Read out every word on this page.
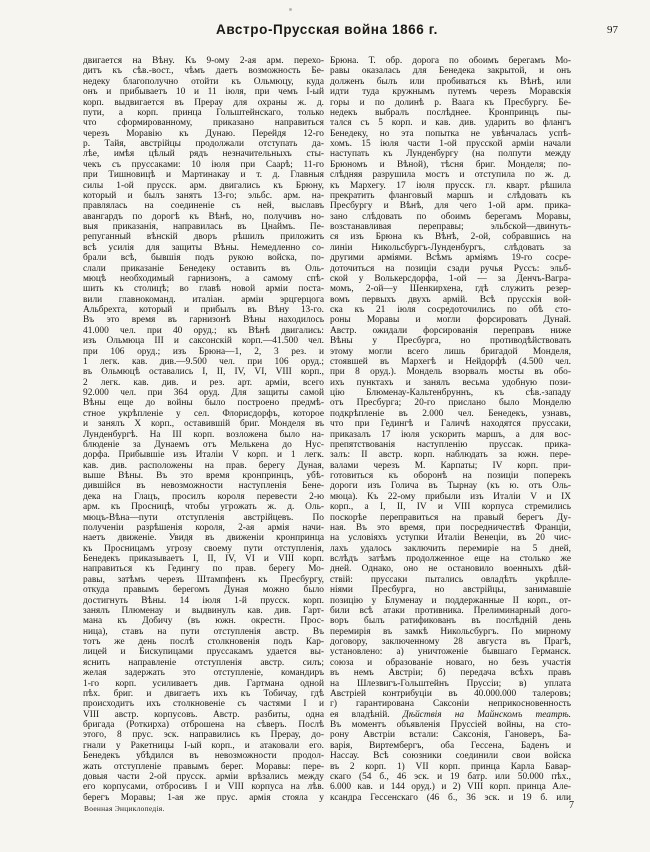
Австро-Прусская война 1866 г.	97
двигается на Вѣну. Къ 9-ому 2-ая арм. перехо-
дитъ къ сѣв.-вост., чѣмъ даетъ возможность Бе-
недеку благополучно отойти къ Ольмюцу, куда
онъ и прибываетъ 10 и 11 іюля, при чемъ I-ый
корп. выдвигается въ Прерау для охраны ж. д.
пути, а корп. принца Гольштейнскаго, только
что сформированному, приказано направиться
черезъ Моравію къ Дунаю. Перейдя 12-го
р. Тайя, австрійцы продолжали отступать да-
лѣе, имѣя цѣлый рядъ незначительныхъ сты-
чекъ съ пруссаками: 10 іюля при Саарѣ; 11-го
при Тишновицѣ и Мартинакау и т. д. Главныя
силы 1-ой прусск. арм. двигались къ Брюну,
который и былъ занятъ 13-го; эльбс. арм. на-
правлялась на соединеніе съ ней, выславъ
авангардъ по дорогѣ къ Вѣнѣ, но, получивъ но-
выя приказанія, направилась въ Цнаймъ. Пе-
репуганный вѣнскій дворъ рѣшилъ приложить
всѣ усилія для защиты Вѣны. Немедленно со-
брали всѣ, бывшія подъ рукою войска, по-
слали приказаніе Бенедеку оставить въ Оль-
мюцѣ необходимый гарнизонъ, а самому спѣ-
шить къ столицѣ; во главѣ новой арміи поста-
вили главнокоманд. италіан. арміи эрцгерцога
Альбрехта, который и прибылъ въ Вѣну 13-го.
Въ это время въ гарнизонѣ Вѣны находилось
41.000 чел. при 40 оруд.; къ Вѣнѣ двигались:
изъ Ольмюца III и саксонскій корп.—41.500 чел.
при 106 оруд.; изъ Брюна—1, 2, 3 рез. и
1 легк. кав. див.—9.500 чел. при 106 оруд.;
въ Ольмюцѣ оставались I, II, IV, VI, VIII корп.,
2 легк. кав. див. и рез. арт. арміи, всего
92.000 чел. при 364 оруд. Для защиты самой
Вѣны еще до войны было построено предмѣ-
стное укрѣпленіе у сел. Флорисдорфъ, которое
и занялъ X корп., оставившій бриг. Монделя въ
Лунденбургѣ. На III корп. возложена было на-
блюденіе за Дунаемъ отъ Мелькена до Нус-
дорфа. Прибывшіе изъ Италіи V корп. и 1 легк.
кав. див. расположены на прав. берегу Дуная,
выше Вѣны. Въ это время кронпринцъ, убѣ-
дившійся въ невозможности наступленія Бене-
дека на Глацъ, просилъ короля перевести 2-ю
арм. къ Просницѣ, чтобы угрожать ж. д. Оль-
мюцъ-Вѣна—пути отступленія австрійцевъ. По
полученіи разрѣшенія короля, 2-ая армія начи-
наетъ движеніе. Увидя въ движеніи кронпринца
къ Просницамъ угрозу своему пути отступленія,
Бенедекъ приказываетъ I, II, IV, VI и VIII корп.
направиться къ Гедингу по прав. берегу Мо-
равы, затѣмъ черезъ Штампфенъ къ Пресбургу,
откуда правымъ берегомъ Дуная можно было
достигнуть Вѣны. 14 іюля 1-й прусск. корп.
занялъ Плюменау и выдвинулъ кав. див. Гарт-
мана къ Добичу (въ южн. окрестн. Прос-
ница), ставъ на пути отступленія австр. Въ
тотъ же день послѣ столкновенія подъ Кар-
лицей и Бискупицами пруссакамъ удается вы-
яснить направленіе отступленія австр. силъ;
желая задержать это отступленіе, командиръ
1-го корп. усиливаетъ див. Гартмана одной
пѣх. бриг. и двигаетъ ихъ къ Тобичау, гдѣ
происходитъ ихъ столкновеніе съ частями I и
VIII австр. корпусовъ. Австр. разбиты, одна
бригада (Роткирха) отброшена на сѣверъ. Послѣ
этого, 8 прус. эск. направились къ Прерау, до-
гнали у Ракетницы I-ый корп., и атаковали его.
Бенедекъ убѣдился въ невозможности продол-
жать отступленіе правымъ берег. Моравы: пере-
довыя части 2-ой прусск. арміи врѣзались между
его корпусами, отбросивъ I и VIII корпуса на лѣв.
берегъ Моравы; 1-ая же прус. армія стояла у
Брюна. Т. обр. дорога по обоимъ берегамъ Мо-
равы оказалась для Бенедека закрытой, и онъ
долженъ былъ или пробиваться къ Вѣнѣ, или
идти туда кружнымъ путемъ черезъ Моравскія
горы и по долинѣ р. Ваага къ Пресбургу. Бе-
недекъ выбралъ послѣднее. Кронпринцъ пы-
тался съ 5 корп. и кав. див. ударить во флангъ
Бенедеку, но эта попытка не увѣнчалась успѣ-
хомъ. 15 іюля части 1-ой прусской арміи начали
наступать къ Лунденбургу (на полпути между
Брюномъ и Вѣной), тѣсня бриг. Монделя; по-
слѣдняя разрушила мостъ и отступила по ж. д.
къ Мархегу. 17 іюля прусск. гл. кварт. рѣшила
прекратить фланговый маршъ и слѣдовать къ
Пресбургу и Вѣнѣ, для чего 1-ой арм. прика-
зано слѣдовать по обоимъ берегамъ Моравы,
возстанавливая переправы; эльбской—двинуть-
ся изъ Брюна къ Вѣнѣ, 2-ой, собравшись на
линіи Никольсбургъ-Лунденбургъ, слѣдовать за
другими арміями. Всѣмъ арміямъ 19-го сосре-
доточиться на позиціи сзади ручья Руссъ: эльб-
ской у Волькерсдорфа, 1-ой — за Денчъ-Вагра-
момъ, 2-ой—у Шенкирхена, гдѣ служить резер-
вомъ первыхъ двухъ армій. Всѣ прусскія вой-
ска къ 21 іюля сосредоточились по обѣ сто-
роны Моравы и могли форсировать Дунай.
Австр. ожидали форсированія переправъ ниже
Вѣны у Пресбурга, но противодѣйствовать
этому могли всего лишь бригадой Монделя,
стоявшей въ Мархегѣ и Нейдорфѣ (4.500 чел.
при 8 оруд.). Мондель взорвалъ мосты въ обо-
ихъ пунктахъ и занялъ весьма удобную пози-
цію Блюменау-Кальтенбруннъ, къ сѣв.-западу
отъ Пресбурга; 20-го прислано было Монделю
подкрѣпленіе въ 2.000 чел. Бенедекъ, узнавъ,
что при Гедингѣ и Галичѣ находятся пруссаки,
приказалъ 17 іюля ускорить маршъ, а для вос-
препятствованія наступленію пруссак. прика-
залъ: II австр. корп. наблюдать за южн. пере-
валами черезъ М. Карпаты; IV корп. при-
готовиться къ оборонѣ на позиціи поперекъ
дороги изъ Голича въ Тырнау (къ ю. отъ Оль-
мюца). Къ 22-ому прибыли изъ Италіи V и IX
корп., а I, II, IV и VIII корпуса стремились
поскорѣе переправиться на правый берегъ Ду-
ная. Въ это время, при посредничествѣ Франціи,
на условіяхъ уступки Италіи Венеціи, въ 20 чис-
лахъ удалось заключить перемиріе на 5 дней,
вслѣдъ затѣмъ продолженное еще на столько же
дней. Однако, оно не остановило военныхъ дѣй-
ствій: пруссаки пытались овладѣть укрѣпле-
ніями Пресбурга, но австрійцы, занимавшіе
позицію у Блуменау и поддержанные II корп., от-
били всѣ атаки противника. Прелиминарный дого-
воръ былъ ратификованъ въ послѣдній день
перемирія въ замкѣ Никольсбургъ. По мирному
договору, заключенному 28 августа въ Прагѣ,
установлено: а) уничтоженіе бывшаго Германск.
союза и образованіе новаго, но безъ участія
въ немъ Австріи; б) передача всѣхъ правъ
на Шлезвигъ-Гольштейнъ Пруссіи; в) уплата
Австріей контрибуціи въ 40.000.000 талеровъ;
г) гарантирована Саксоніи неприкосновенность
ея владѣній. Дѣйствія на Майнскомъ театрѣ.
Въ моментъ объявленія Пруссіей войны, на сто-
рону Австріи встали: Саксонія, Гановеръ, Ба-
варія, Виртембергъ, оба Гессена, Баденъ и
Нассау. Всѣ союзники соединили свои войска
въ 2 корп. 1) VII корп. принца Карла Бавар-
скаго (54 б., 46 эск. и 19 батр. или 50.000 пѣх.,
6.000 кав. и 144 оруд.) и 2) VIII корп. принца Але-
ксандра Гессенскаго (46 б., 36 эск. и 19 б. или
Военная Энциклопедія.	7
